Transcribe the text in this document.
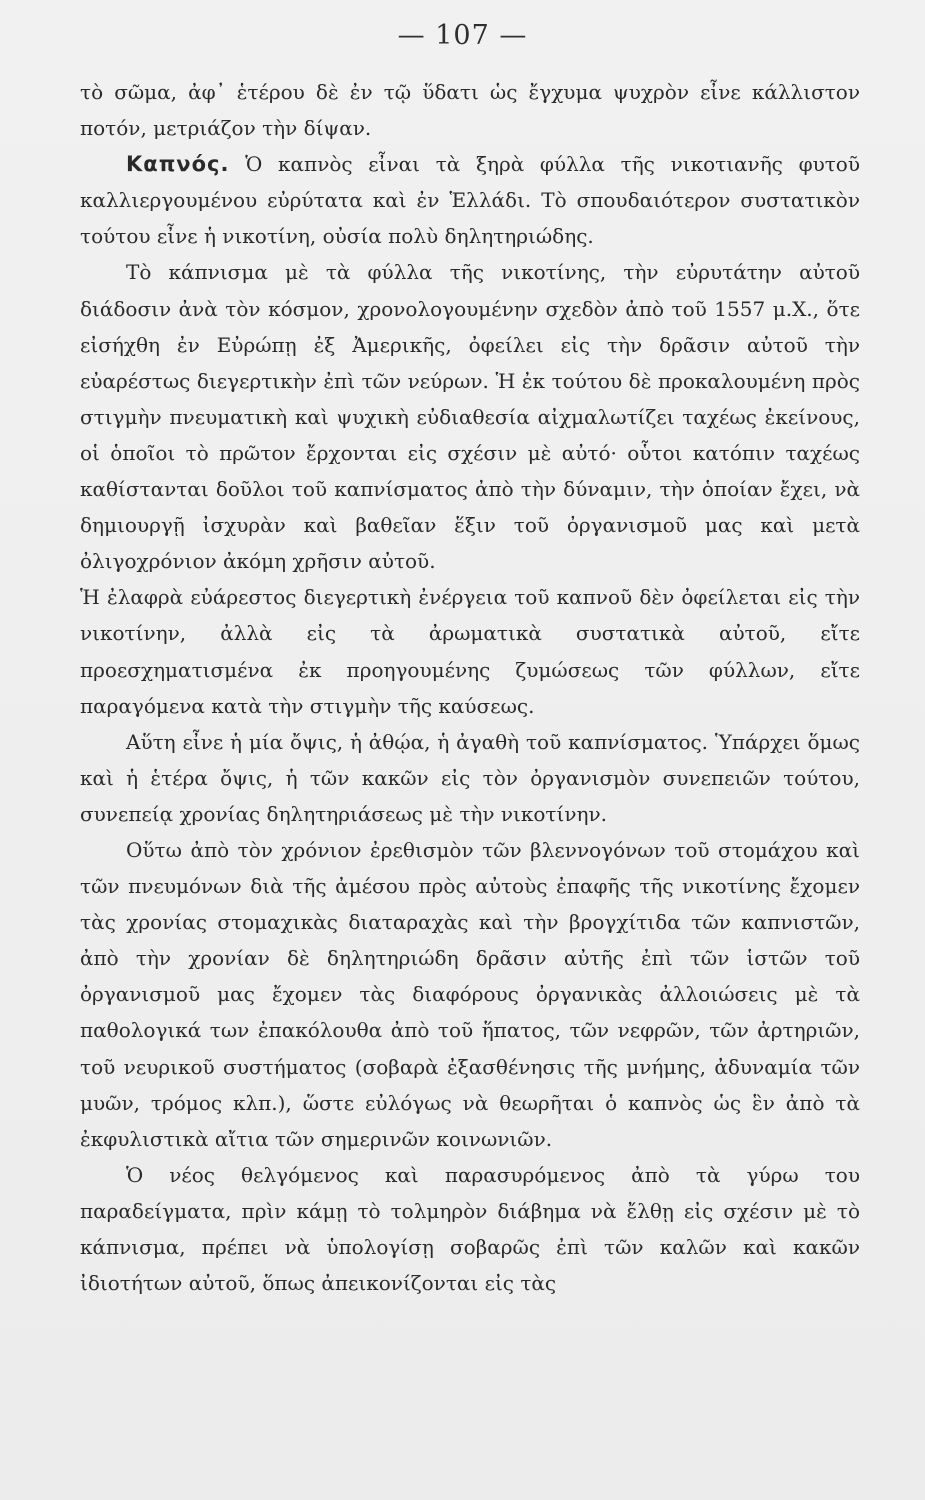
— 107 —

τὸ σῶμα, ἀφ᾽ ἑτέρου δὲ ἐν τῷ ὕδατι ὡς ἔγχυμα ψυχρὸν εἶνε κάλλιστον ποτόν, μετριάζον τὴν δίψαν.

Καπνός. Ὁ καπνὸς εἶναι τὰ ξηρὰ φύλλα τῆς νικοτιανῆς φυτοῦ καλλιεργουμένου εὐρύτατα καὶ ἐν Ἑλλάδι. Τὸ σπουδαιότερον συστατικὸν τούτου εἶνε ἡ νικοτίνη, οὐσία πολὺ δηλητηριώδης.

Τὸ κάπνισμα μὲ τὰ φύλλα τῆς νικοτίνης, τὴν εὐρυτάτην αὐτοῦ διάδοσιν ἀνὰ τὸν κόσμον, χρονολογουμένην σχεδὸν ἀπὸ τοῦ 1557 μ.Χ., ὅτε εἰσήχθη ἐν Εὐρώπῃ ἐξ Ἀμερικῆς, ὀφείλει εἰς τὴν δρᾶσιν αὐτοῦ τὴν εὐαρέστως διεγερτικὴν ἐπὶ τῶν νεύρων. Ἡ ἐκ τούτου δὲ προκαλουμένη πρὸς στιγμὴν πνευματικὴ καὶ ψυχικὴ εὐδιαθεσία αἰχμαλωτίζει ταχέως ἐκείνους, οἱ ὁποῖοι τὸ πρῶτον ἔρχονται εἰς σχέσιν μὲ αὐτό· οὗτοι κατόπιν ταχέως καθίστανται δοῦλοι τοῦ καπνίσματος ἀπὸ τὴν δύναμιν, τὴν ὁποίαν ἔχει, νὰ δημιουργῇ ἰσχυρὰν καὶ βαθεῖαν ἕξιν τοῦ ὀργανισμοῦ μας καὶ μετὰ ὀλιγοχρόνιον ἀκόμη χρῆσιν αὐτοῦ.

Ἡ ἐλαφρὰ εὐάρεστος διεγερτικὴ ἐνέργεια τοῦ καπνοῦ δὲν ὀφείλεται εἰς τὴν νικοτίνην, ἀλλὰ εἰς τὰ ἀρωματικὰ συστατικὰ αὐτοῦ, εἴτε προεσχηματισμένα ἐκ προηγουμένης ζυμώσεως τῶν φύλλων, εἴτε παραγόμενα κατὰ τὴν στιγμὴν τῆς καύσεως.

Αὕτη εἶνε ἡ μία ὄψις, ἡ ἀθῴα, ἡ ἀγαθὴ τοῦ καπνίσματος. Ὑπάρχει ὅμως καὶ ἡ ἑτέρα ὄψις, ἡ τῶν κακῶν εἰς τὸν ὀργανισμὸν συνεπειῶν τούτου, συνεπείᾳ χρονίας δηλητηριάσεως μὲ τὴν νικοτίνην.

Οὕτω ἀπὸ τὸν χρόνιον ἐρεθισμὸν τῶν βλεννογόνων τοῦ στομάχου καὶ τῶν πνευμόνων διὰ τῆς ἀμέσου πρὸς αὐτοὺς ἐπαφῆς τῆς νικοτίνης ἔχομεν τὰς χρονίας στομαχικὰς διαταραχὰς καὶ τὴν βρογχίτιδα τῶν καπνιστῶν, ἀπὸ τὴν χρονίαν δὲ δηλητηριώδη δρᾶσιν αὐτῆς ἐπὶ τῶν ἱστῶν τοῦ ὀργανισμοῦ μας ἔχομεν τὰς διαφόρους ὀργανικὰς ἀλλοιώσεις μὲ τὰ παθολογικά των ἐπακόλουθα ἀπὸ τοῦ ἥπατος, τῶν νεφρῶν, τῶν ἀρτηριῶν, τοῦ νευρικοῦ συστήματος (σοβαρὰ ἐξασθένησις τῆς μνήμης, ἀδυναμία τῶν μυῶν, τρόμος κλπ.), ὥστε εὐλόγως νὰ θεωρῆται ὁ καπνὸς ὡς ἓν ἀπὸ τὰ ἐκφυλιστικὰ αἴτια τῶν σημερινῶν κοινωνιῶν.

Ὁ νέος θελγόμενος καὶ παρασυρόμενος ἀπὸ τὰ γύρω του παραδείγματα, πρὶν κάμῃ τὸ τολμηρὸν διάβημα νὰ ἔλθῃ εἰς σχέσιν μὲ τὸ κάπνισμα, πρέπει νὰ ὑπολογίσῃ σοβαρῶς ἐπὶ τῶν καλῶν καὶ κακῶν ἰδιοτήτων αὐτοῦ, ὅπως ἀπεικονίζονται εἰς τὰς
